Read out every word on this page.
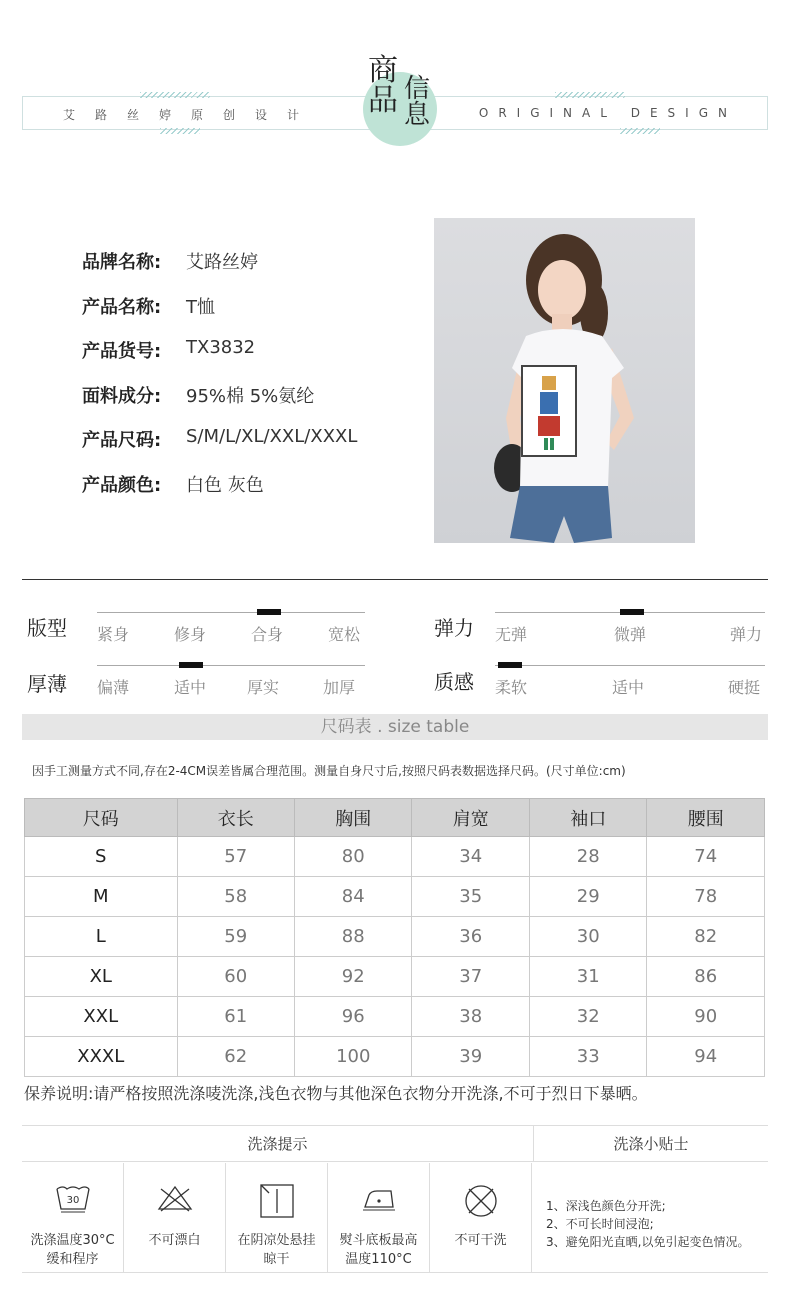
艾路丝婷原创设计	ORIGINAL DESIGN
商品 信息
品牌名称:	艾路丝婷
产品名称:	T恤
产品货号:	TX3832
面料成分:	95%棉 5%氨纶
产品尺码:	S/M/L/XL/XXL/XXXL
产品颜色:	白色 灰色
版型 紧身	修身	合身	宽松	弹力 无弹	微弹	弹力
厚薄 偏薄	适中	厚实	加厚	质感 柔软	适中	硬挺
尺码表 . size table
因手工测量方式不同,存在2-4CM误差皆属合理范围。测量自身尺寸后,按照尺码表数据选择尺码。(尺寸单位:cm)
尺码	衣长	胸围	肩宽	袖口	腰围
S	57	80	34	28	74
M	58	84	35	29	78
L	59	88	36	30	82
XL	60	92	37	31	86
XXL	61	96	38	32	90
XXXL	62	100	39	33	94
保养说明:请严格按照洗涤唛洗涤,浅色衣物与其他深色衣物分开洗涤,不可于烈日下暴晒。
洗涤提示	洗涤小贴士
30
洗涤温度30°C
缓和程序
不可漂白	在阴凉处悬挂
晾干
熨斗底板最高
温度110°C
不可干洗
1、深浅色颜色分开洗;
2、不可长时间浸泡;
3、避免阳光直晒,以免引起变色情况。
